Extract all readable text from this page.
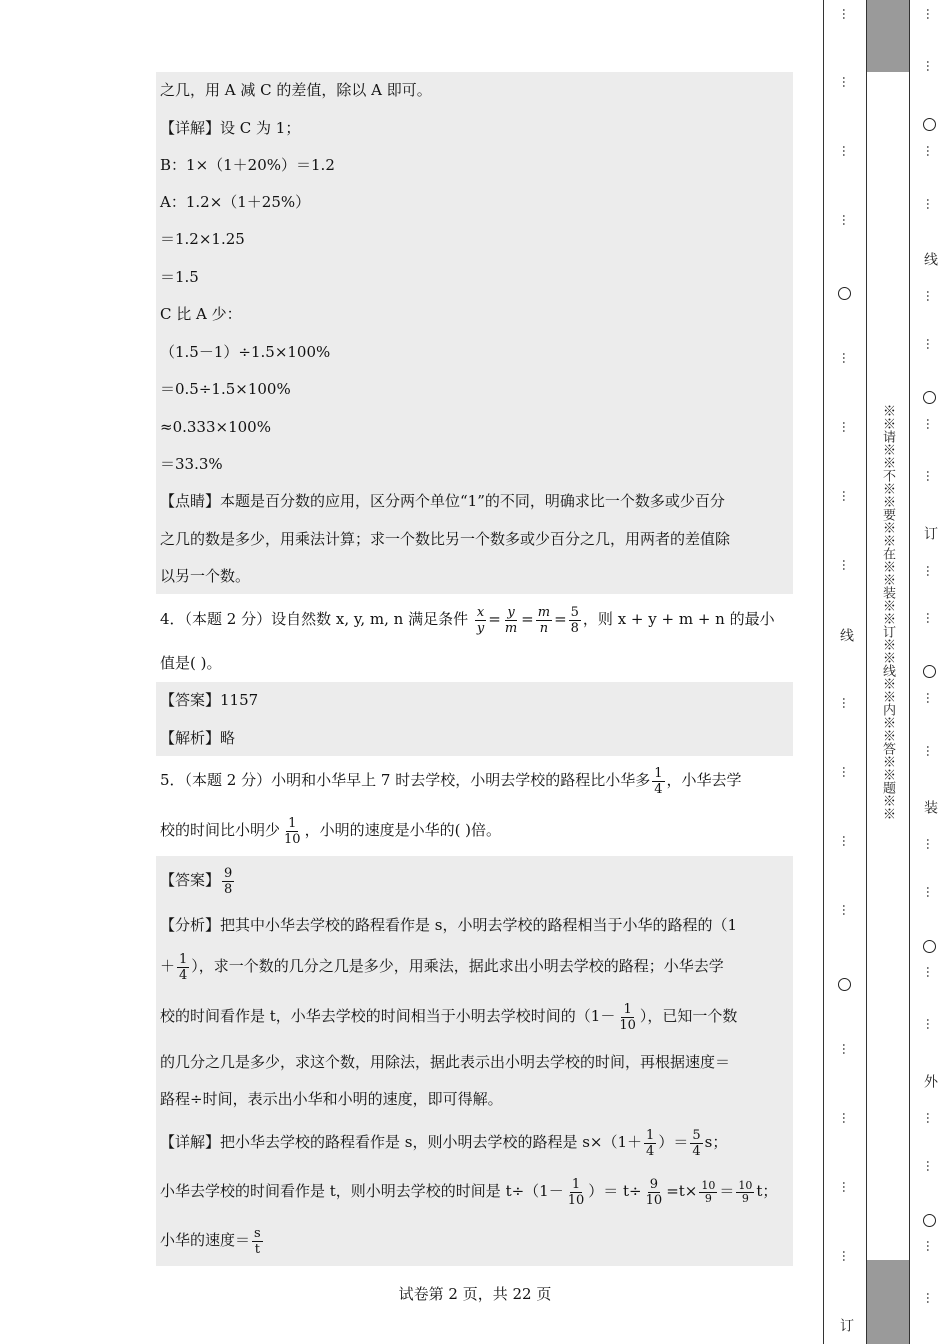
之几，用 A 减 C 的差值，除以 A 即可。
【详解】设 C 为 1；
B：1×（1＋20%）＝1.2
A：1.2×（1＋25%）
＝1.2×1.25
＝1.5
C 比 A 少：
（1.5－1）÷1.5×100%
＝0.5÷1.5×100%
≈0.333×100%
＝33.3%
【点睛】本题是百分数的应用，区分两个单位“1”的不同，明确求比一个数多或少百分
之几的数是多少，用乘法计算；求一个数比另一个数多或少百分之几，用两者的差值除
以另一个数。
4．（本题 2 分）设自然数 x, y, m, n 满足条件 $\frac{x}{y} = \frac{y}{m} = \frac{m}{n} = \frac{5}{8}$ ，则 x + y + m + n 的最小
值是( )。
【答案】1157
【解析】略
5．（本题 2 分）小明和小华早上 7 时去学校，小明去学校的路程比小华多 $\frac{1}{4}$ ，小华去学
校的时间比小明少 $\frac{1}{10}$ ，小明的速度是小华的( )倍。
【答案】 $\frac{9}{8}$
【分析】把其中小华去学校的路程看作是 s，小明去学校的路程相当于小华的路程的（1
＋ $\frac{1}{4}$ ），求一个数的几分之几是多少，用乘法，据此求出小明去学校的路程；小华去学
校的时间看作是 t，小华去学校的时间相当于小明去学校时间的（$1- \frac{1}{10}$ ），已知一个数
的几分之几是多少，求这个数，用除法，据此表示出小明去学校的时间，再根据速度＝
路程÷时间，表示出小华和小明的速度，即可得解。
【详解】把小华去学校的路程看作是 s，则小明去学校的路程是 $s\times(1+ \frac{1}{4}$ ）＝ $\frac{5}{4}$ s；
小华去学校的时间看作是 t，则小明去学校的时间是 $t\div(1- \frac{1}{10}$ ）＝ $t\div \frac{9}{10} =t\times \frac{10}{9} = \frac{10}{9}$ t；
小华的速度＝ $\frac{s}{t}$
试卷第 2 页，共 22 页
※※请※※不※※要※※在※※装※※订※※线※※内※※答※※题※※
…
…
…
…
…
…
…
…
线
…
…
…
…
…
…
…
…
订
…
…
…
…
线
…
…
…
…
订
…
…
…
…
装
…
…
…
…
外
…
…
…
…
